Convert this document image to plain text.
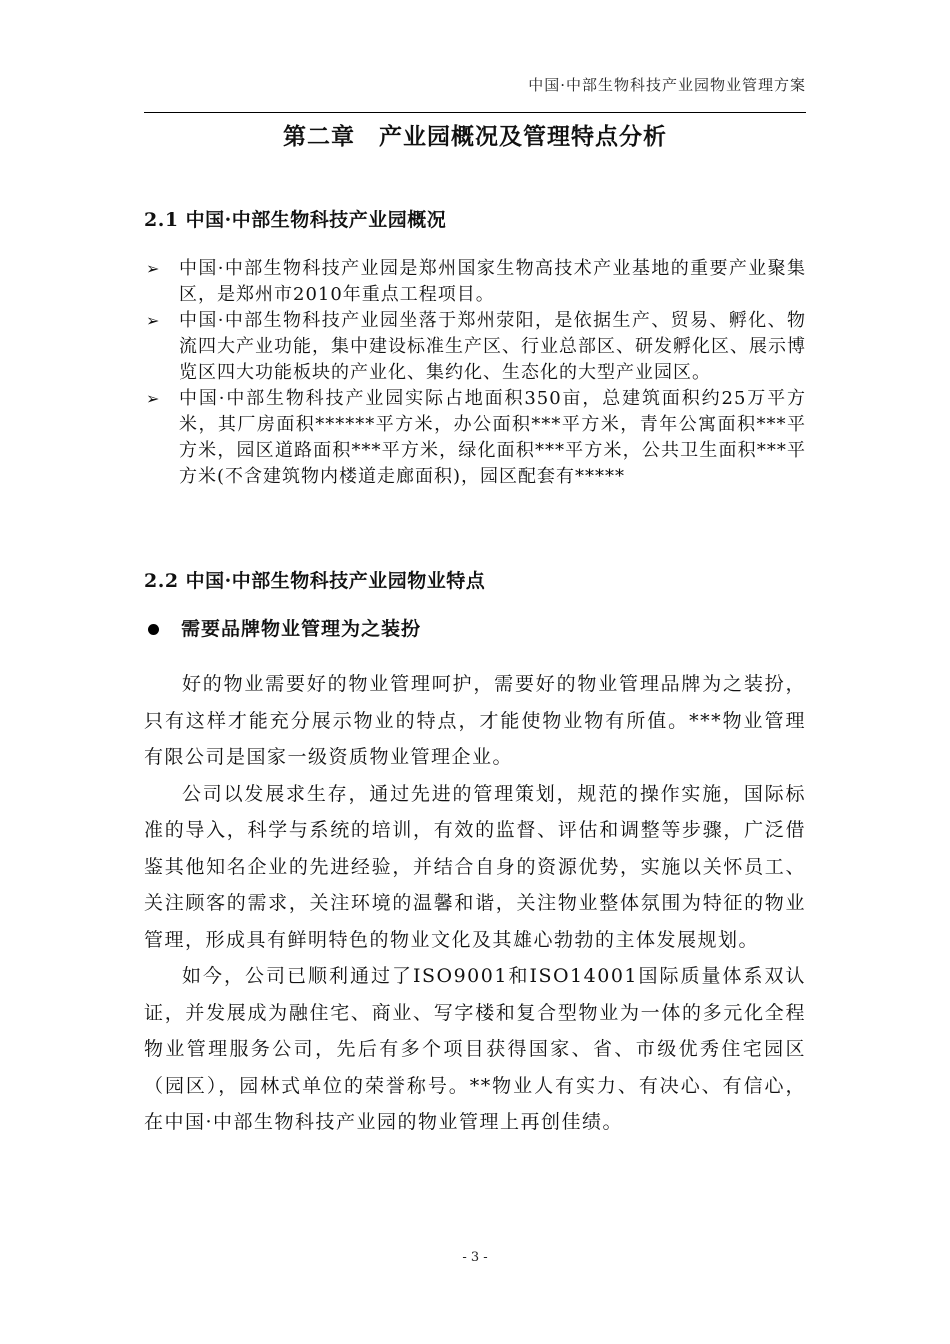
中国·中部生物科技产业园物业管理方案
第二章　产业园概况及管理特点分析
2.1 中国·中部生物科技产业园概况
➢ 中国·中部生物科技产业园是郑州国家生物高技术产业基地的重要产业聚集区，是郑州市2010年重点工程项目。
➢ 中国·中部生物科技产业园坐落于郑州荥阳，是依据生产、贸易、孵化、物流四大产业功能，集中建设标准生产区、行业总部区、研发孵化区、展示博览区四大功能板块的产业化、集约化、生态化的大型产业园区。
➢ 中国·中部生物科技产业园实际占地面积350亩，总建筑面积约25万平方米，其厂房面积******平方米，办公面积***平方米，青年公寓面积***平方米，园区道路面积***平方米，绿化面积***平方米，公共卫生面积***平方米(不含建筑物内楼道走廊面积)，园区配套有*****
2.2 中国·中部生物科技产业园物业特点
需要品牌物业管理为之装扮

好的物业需要好的物业管理呵护，需要好的物业管理品牌为之装扮，只有这样才能充分展示物业的特点，才能使物业物有所值。***物业管理有限公司是国家一级资质物业管理企业。

公司以发展求生存，通过先进的管理策划，规范的操作实施，国际标准的导入，科学与系统的培训，有效的监督、评估和调整等步骤，广泛借鉴其他知名企业的先进经验，并结合自身的资源优势，实施以关怀员工、关注顾客的需求，关注环境的温馨和谐，关注物业整体氛围为特征的物业管理，形成具有鲜明特色的物业文化及其雄心勃勃的主体发展规划。

如今，公司已顺利通过了ISO9001和ISO14001国际质量体系双认证，并发展成为融住宅、商业、写字楼和复合型物业为一体的多元化全程物业管理服务公司，先后有多个项目获得国家、省、市级优秀住宅园区（园区），园林式单位的荣誉称号。**物业人有实力、有决心、有信心，在中国·中部生物科技产业园的物业管理上再创佳绩。

- 3 -
